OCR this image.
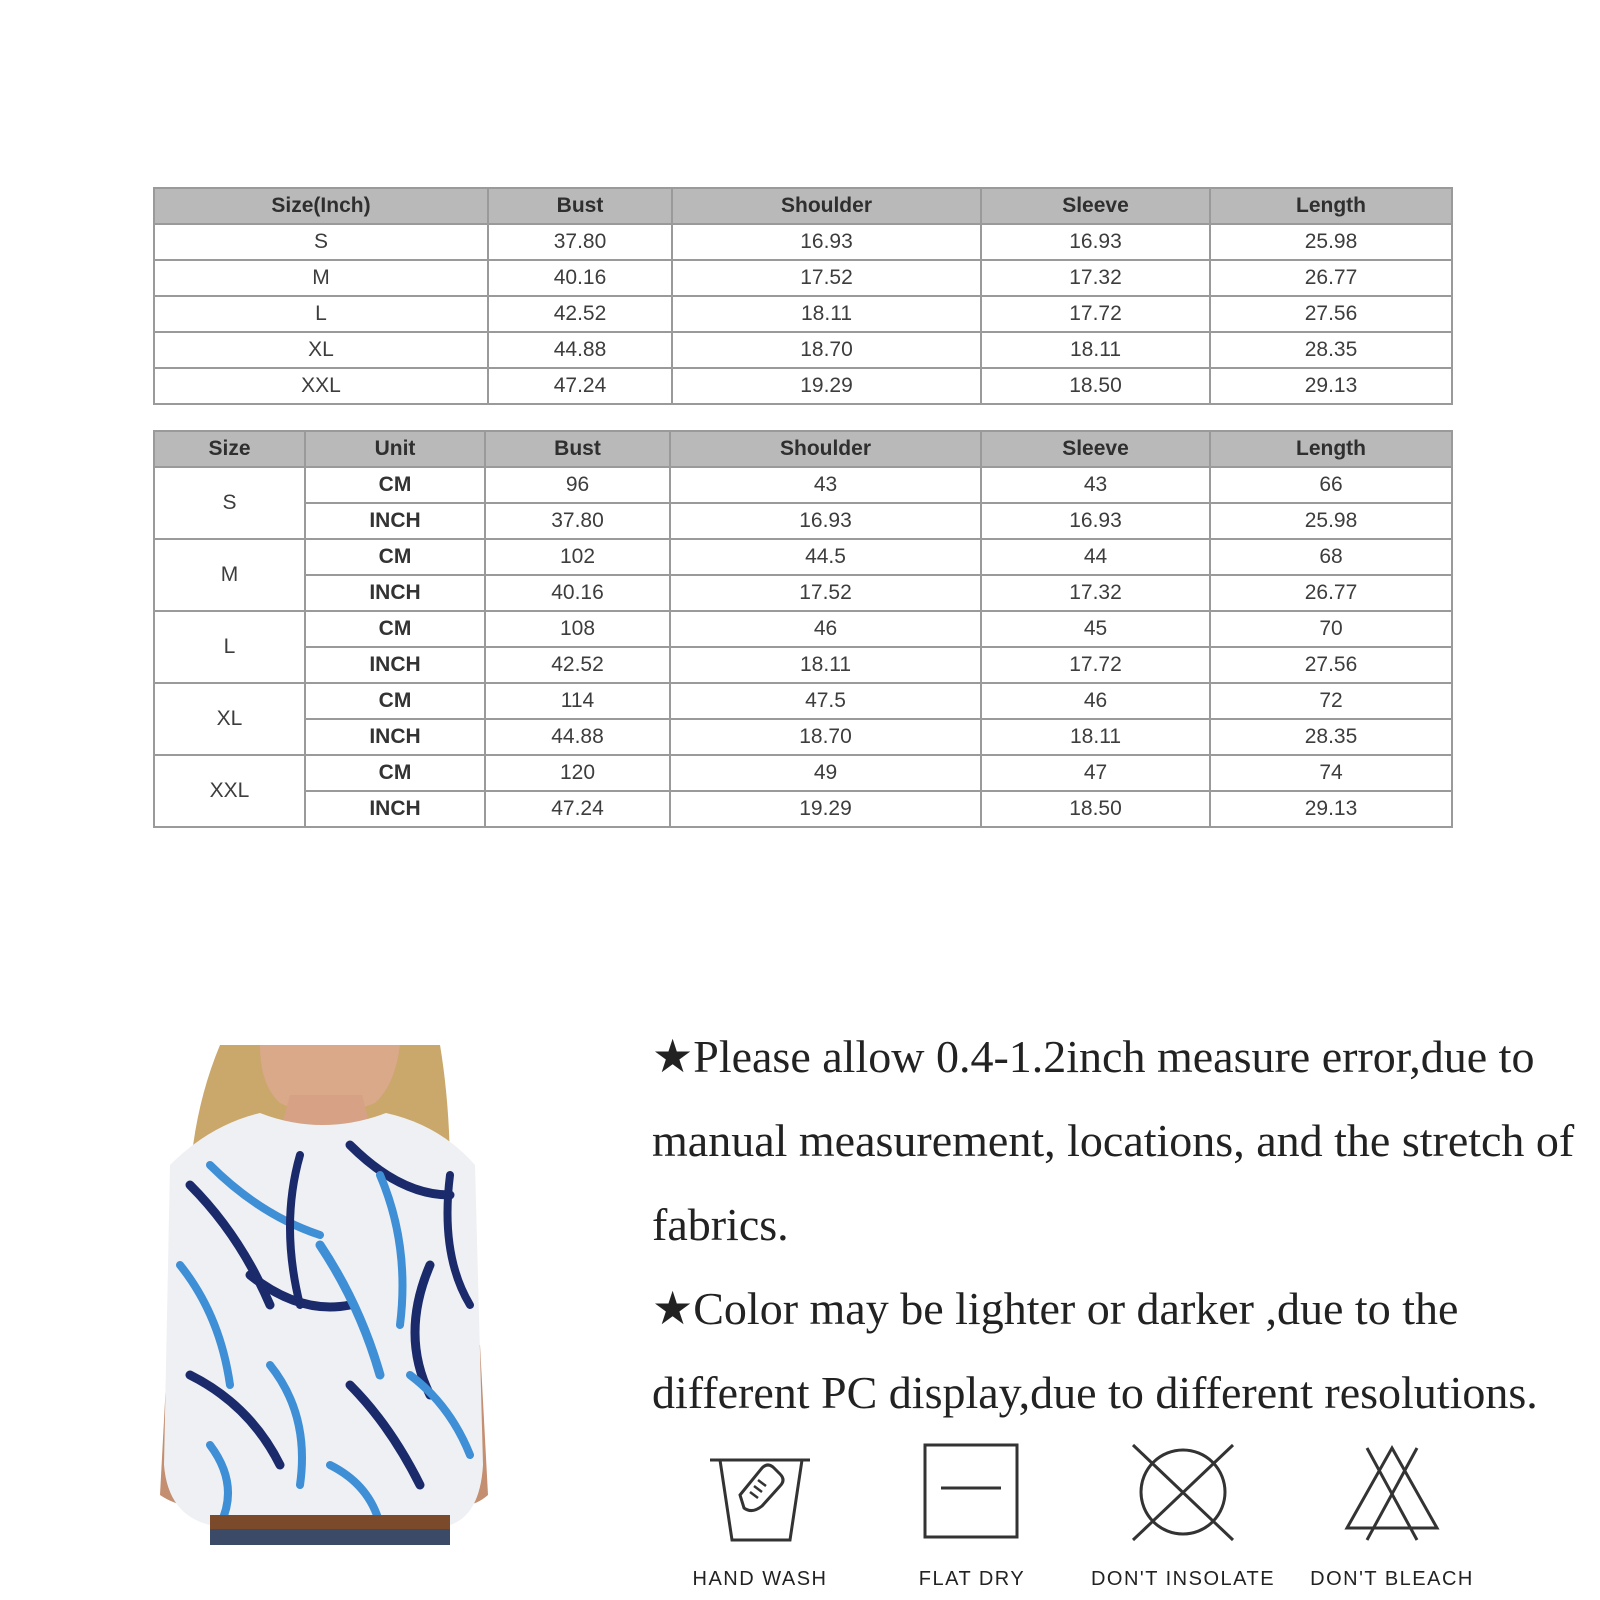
Size(Inch)	Bust	Shoulder	Sleeve	Length
S	37.80	16.93	16.93	25.98
M	40.16	17.52	17.32	26.77
L	42.52	18.11	17.72	27.56
XL	44.88	18.70	18.11	28.35
XXL	47.24	19.29	18.50	29.13
Size	Unit	Bust	Shoulder	Sleeve	Length
S	CM	96	43	43	66
	INCH	37.80	16.93	16.93	25.98
M	CM	102	44.5	44	68
	INCH	40.16	17.52	17.32	26.77
L	CM	108	46	45	70
	INCH	42.52	18.11	17.72	27.56
XL	CM	114	47.5	46	72
	INCH	44.88	18.70	18.11	28.35
XXL	CM	120	49	47	74
	INCH	47.24	19.29	18.50	29.13

★Please allow 0.4-1.2inch measure error,due to manual measurement, locations, and the stretch of fabrics.

★Color may be lighter or darker ,due to the different PC display,due to different resolutions.

HAND WASH	FLAT DRY	DON'T INSOLATE	DON'T BLEACH
